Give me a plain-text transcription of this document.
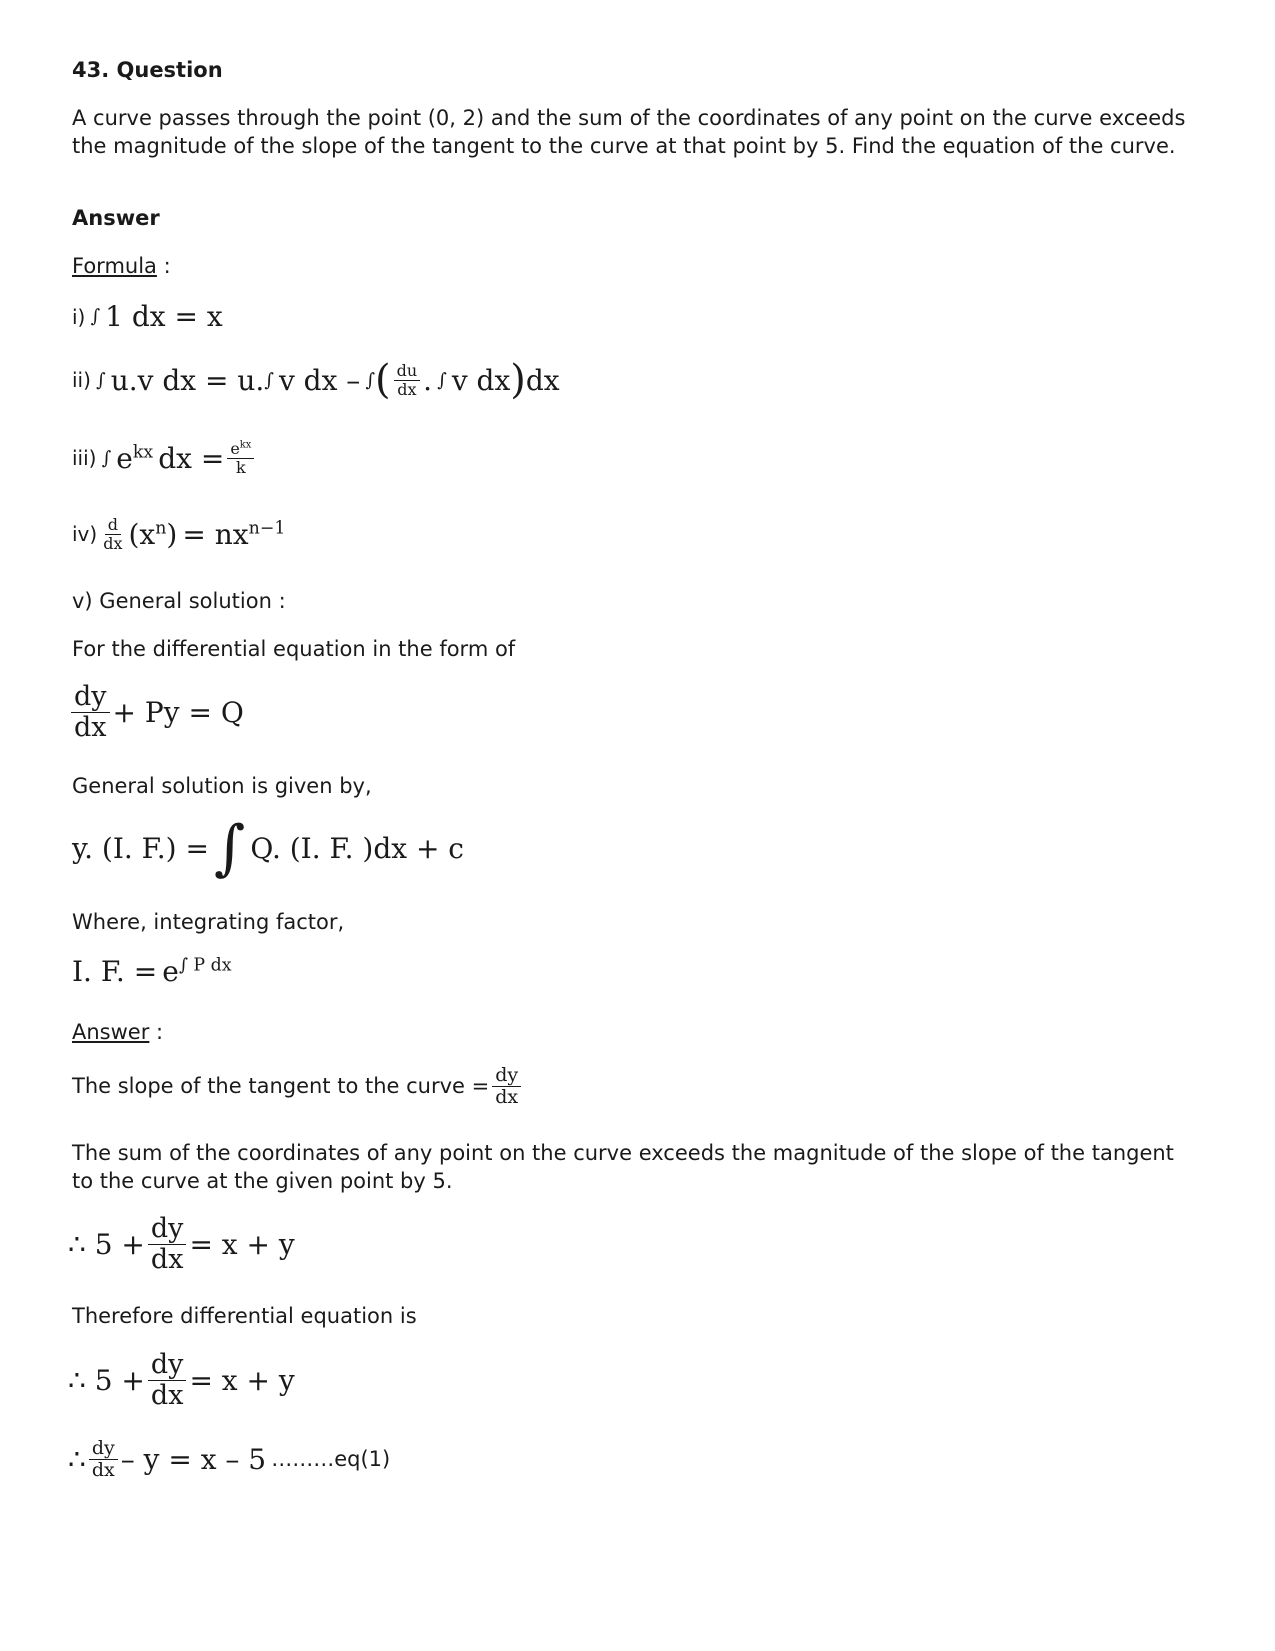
43. Question
A curve passes through the point (0, 2) and the sum of the coordinates of any point on the curve exceeds the magnitude of the slope of the tangent to the curve at that point by 5. Find the equation of the curve.
Answer
Formula :
i)
∫
1 dx = x
ii)
∫
u.v dx = u. ∫
v dx –
∫ ( $\frac{du}{dx}$ .
∫
v dx ) dx
iii)
∫
$e^{kx}$
dx = $\frac{e^{kx}}{k}$
$iv) \frac{d}{dx} (x^n)$
= $nx^{n-1}$
v) General solution :
For the differential equation in the form of
$\frac{dy}{dx} + Py = Q$
General solution is given by,
y. (I. F.) =
∫
Q. (I. F. )dx + c
Where, integrating factor,
I. F. =
$e^{\int P dx}$
Answer :
The slope of the tangent to the curve = $\frac{dy}{dx}$
The sum of the coordinates of any point on the curve exceeds the magnitude of the slope of the tangent to the curve at the given point by 5.
∴ $5 + \frac{dy}{dx} = x + y$
Therefore differential equation is
∴ $5 + \frac{dy}{dx} = x + y$
∴ $\frac{dy}{dx} - y = x - 5$
………eq(1)
